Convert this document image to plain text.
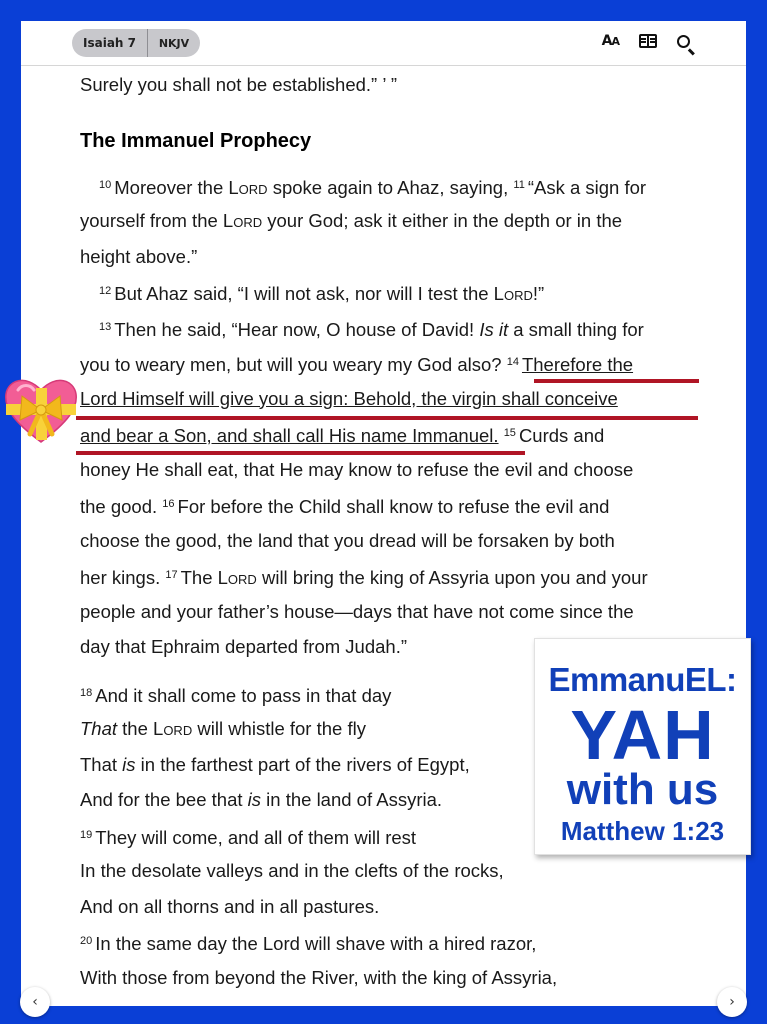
Isaiah 7	NKJV	AA
Surely you shall not be established.” ’ ”
The Immanuel Prophecy
$^{10}$ Moreover the Lord spoke again to Ahaz, saying, $^{11}$ “Ask a sign for
yourself from the Lord your God; ask it either in the depth or in the
height above.”
$^{12}$ But Ahaz said, “I will not ask, nor will I test the Lord!”
$^{13}$ Then he said, “Hear now, O house of David! Is it a small thing for
you to weary men, but will you weary my God also? $^{14}$ Therefore the
Lord Himself will give you a sign: Behold, the virgin shall conceive
and bear a Son, and shall call His name Immanuel. $^{15}$ Curds and
honey He shall eat, that He may know to refuse the evil and choose
the good. $^{16}$ For before the Child shall know to refuse the evil and
choose the good, the land that you dread will be forsaken by both
her kings. $^{17}$ The Lord will bring the king of Assyria upon you and your
people and your father’s house—days that have not come since the
day that Ephraim departed from Judah.”
$^{18}$ And it shall come to pass in that day
That the Lord will whistle for the fly
That is in the farthest part of the rivers of Egypt,
And for the bee that is in the land of Assyria.
$^{19}$ They will come, and all of them will rest
In the desolate valleys and in the clefts of the rocks,
And on all thorns and in all pastures.
$^{20}$ In the same day the Lord will shave with a hired razor,
With those from beyond the River, with the king of Assyria,
EmmanuEL:
YAH
with us
Matthew 1:23
‹	›
